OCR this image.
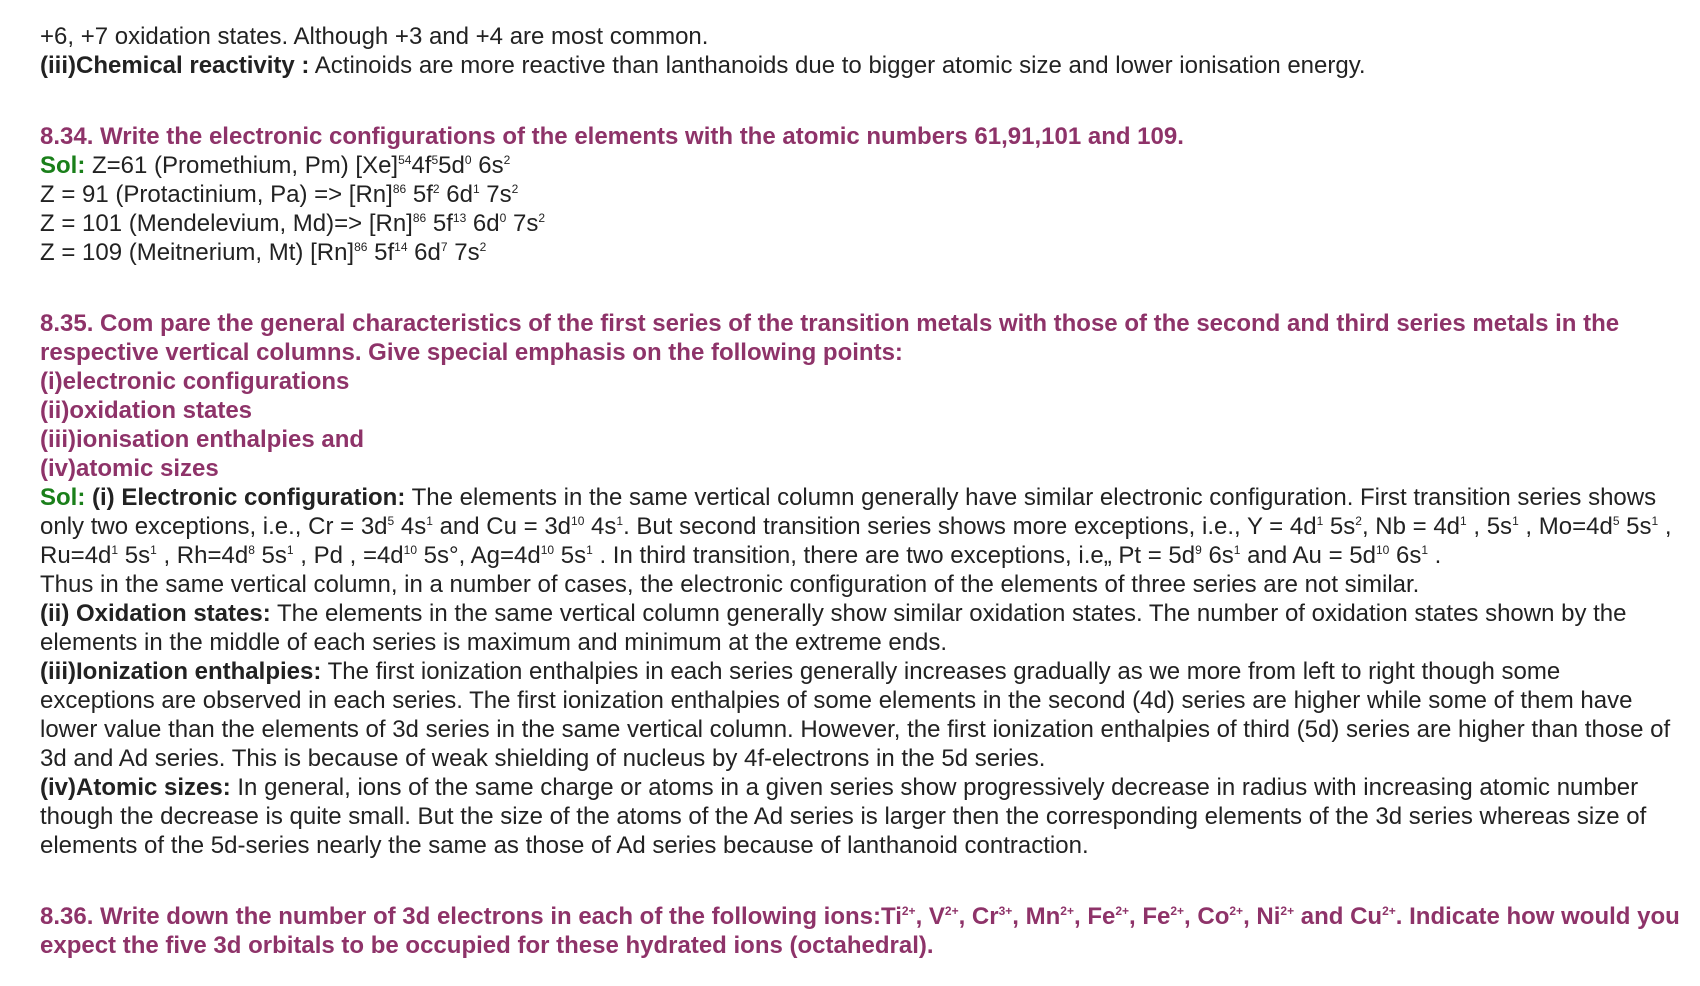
+6, +7 oxidation states. Although +3 and +4 are most common.

(iii)Chemical reactivity : Actinoids are more reactive than lanthanoids due to bigger atomic size and lower ionisation energy.

8.34. Write the electronic configurations of the elements with the atomic numbers 61,91,101 and 109.

Sol: Z=61 (Promethium, Pm) $[Xe]^{54}4f^55d^0$ $6s^2$

Z = 91 (Protactinium, $Pa) => [Rn]^{86}$ $5f^2$ $6d^1$ $7s^2$

Z = 101 (Mendelevium, $Md)=> [Rn]^{86}$ $5f^{13}$ $6d^0$ $7s^2$

Z = 109 (Meitnerium, Mt) $[Rn]^{86}$ $5f^{14}$ $6d^7$ $7s^2$

8.35. Com pare the general characteristics of the first series of the transition metals with those of the second and third series metals in the respective vertical columns. Give special emphasis on the following points:

(i)electronic configurations

(ii)oxidation states

(iii)ionisation enthalpies and

(iv)atomic sizes

Sol: (i) Electronic configuration: The elements in the same vertical column generally have similar electronic configuration. First transition series shows only two exceptions, i.e., $Cr = 3d^5$ $4s^1$ and $Cu = 3d^{10}$ $4s^1$. But second transition series shows more exceptions, i.e., $Y = 4d^1$ $5s^2$, $Nb = 4d^1$ , $5s^1$ , $Mo=4d^5$ $5s^1$ , $Ru=4d^1$ $5s^1$ , $Rh=4d^8$ $5s^1$ , Pd , $=4d^{10}$ 5s°, $Ag=4d^{10}$ $5s^1$ . In third transition, there are two exceptions, i.e„ $Pt = 5d^9$ $6s^1$ and $Au = 5d^{10}$ $6s^1$ .

Thus in the same vertical column, in a number of cases, the electronic configuration of the elements of three series are not similar.

(ii) Oxidation states: The elements in the same vertical column generally show similar oxidation states. The number of oxidation states shown by the elements in the middle of each series is maximum and minimum at the extreme ends.

(iii)Ionization enthalpies: The first ionization enthalpies in each series generally increases gradually as we more from left to right though some exceptions are observed in each series. The first ionization enthalpies of some elements in the second (4d) series are higher while some of them have lower value than the elements of 3d series in the same vertical column. However, the first ionization enthalpies of third (5d) series are higher than those of 3d and Ad series. This is because of weak shielding of nucleus by 4f-electrons in the 5d series.

(iv)Atomic sizes: In general, ions of the same charge or atoms in a given series show progressively decrease in radius with increasing atomic number though the decrease is quite small. But the size of the atoms of the Ad series is larger then the corresponding elements of the 3d series whereas size of elements of the 5d-series nearly the same as those of Ad series because of lanthanoid contraction.

8.36. Write down the number of 3d electrons in each of the following $ions:Ti^{2+}$, $V^{2+}$, $Cr^{3+}$, $Mn^{2+}$, $Fe^{2+}$, $Fe^{2+}$, $Co^{2+}$, $Ni^{2+}$ and $Cu^{2+}$. Indicate how would you expect the five 3d orbitals to be occupied for these hydrated ions (octahedral).
